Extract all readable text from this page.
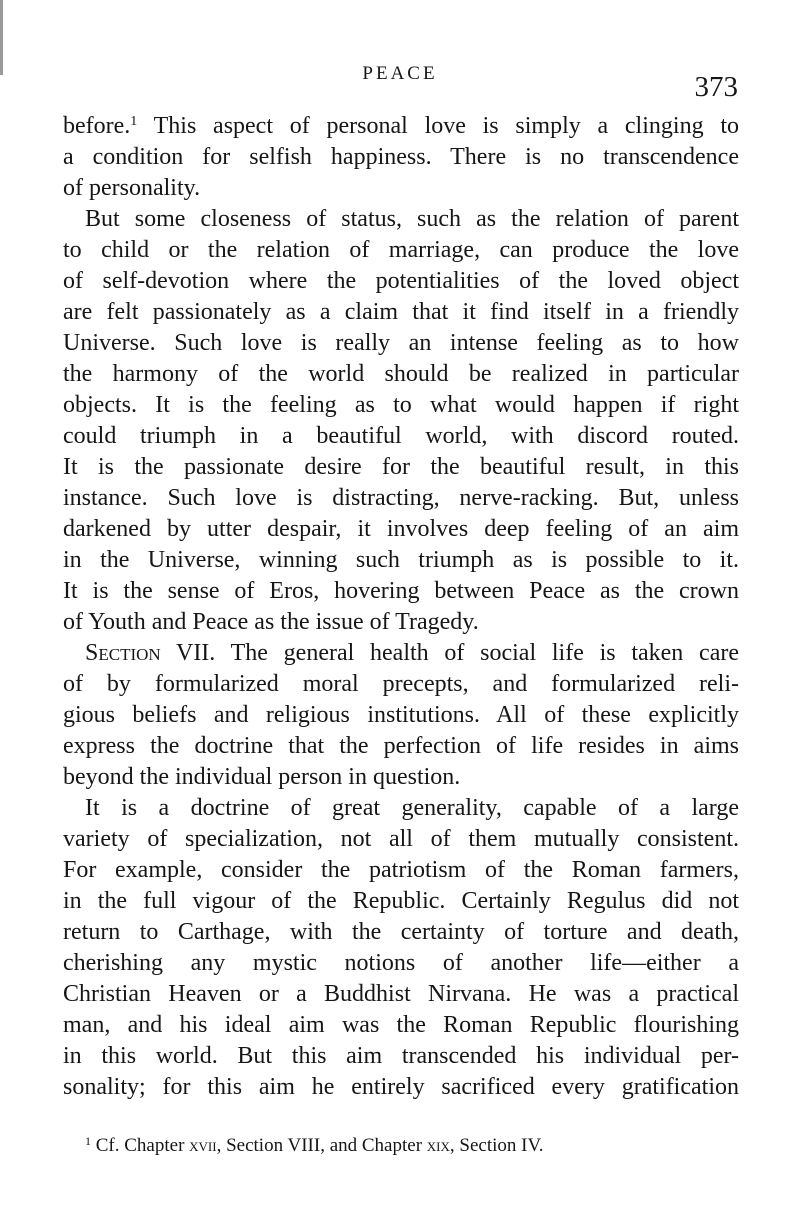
PEACE	373
before.$^1$ This aspect of personal love is simply a clinging to
a condition for selfish happiness. There is no transcendence
of personality.
But some closeness of status, such as the relation of parent
to child or the relation of marriage, can produce the love
of self-devotion where the potentialities of the loved object
are felt passionately as a claim that it find itself in a friendly
Universe. Such love is really an intense feeling as to how
the harmony of the world should be realized in particular
objects. It is the feeling as to what would happen if right
could triumph in a beautiful world, with discord routed.
It is the passionate desire for the beautiful result, in this
instance. Such love is distracting, nerve-racking. But, unless
darkened by utter despair, it involves deep feeling of an aim
in the Universe, winning such triumph as is possible to it.
It is the sense of Eros, hovering between Peace as the crown
of Youth and Peace as the issue of Tragedy.
Section VII. The general health of social life is taken care
of by formularized moral precepts, and formularized reli-
gious beliefs and religious institutions. All of these explicitly
express the doctrine that the perfection of life resides in aims
beyond the individual person in question.
It is a doctrine of great generality, capable of a large
variety of specialization, not all of them mutually consistent.
For example, consider the patriotism of the Roman farmers,
in the full vigour of the Republic. Certainly Regulus did not
return to Carthage, with the certainty of torture and death,
cherishing any mystic notions of another life—either a
Christian Heaven or a Buddhist Nirvana. He was a practical
man, and his ideal aim was the Roman Republic flourishing
in this world. But this aim transcended his individual per-
sonality; for this aim he entirely sacrificed every gratification
$^1$ Cf. Chapter xvii, Section VIII, and Chapter xix, Section IV.
